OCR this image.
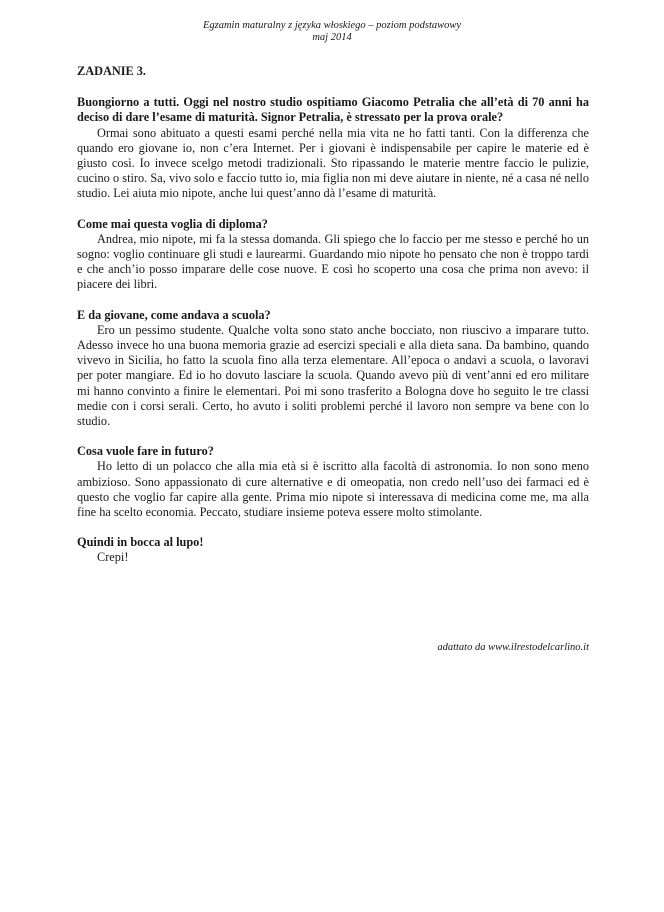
Egzamin maturalny z języka włoskiego – poziom podstawowy
maj 2014
ZADANIE 3.
Buongiorno a tutti. Oggi nel nostro studio ospitiamo Giacomo Petralia che all’età di 70 anni ha deciso di dare l’esame di maturità. Signor Petralia, è stressato per la prova orale?
Ormai sono abituato a questi esami perché nella mia vita ne ho fatti tanti. Con la differenza che quando ero giovane io, non c’era Internet. Per i giovani è indispensabile per capire le materie ed è giusto così. Io invece scelgo metodi tradizionali. Sto ripassando le materie mentre faccio le pulizie, cucino o stiro. Sa, vivo solo e faccio tutto io, mia figlia non mi deve aiutare in niente, né a casa né nello studio. Lei aiuta mio nipote, anche lui quest’anno dà l’esame di maturità.
Come mai questa voglia di diploma?
Andrea, mio nipote, mi fa la stessa domanda. Gli spiego che lo faccio per me stesso e perché ho un sogno: voglio continuare gli studi e laurearmi. Guardando mio nipote ho pensato che non è troppo tardi e che anch’io posso imparare delle cose nuove. E così ho scoperto una cosa che prima non avevo: il piacere dei libri.
E da giovane, come andava a scuola?
Ero un pessimo studente. Qualche volta sono stato anche bocciato, non riuscivo a imparare tutto. Adesso invece ho una buona memoria grazie ad esercizi speciali e alla dieta sana. Da bambino, quando vivevo in Sicilia, ho fatto la scuola fino alla terza elementare. All’epoca o andavi a scuola, o lavoravi per poter mangiare. Ed io ho dovuto lasciare la scuola. Quando avevo più di vent’anni ed ero militare mi hanno convinto a finire le elementari. Poi mi sono trasferito a Bologna dove ho seguito le tre classi medie con i corsi serali. Certo, ho avuto i soliti problemi perché il lavoro non sempre va bene con lo studio.
Cosa vuole fare in futuro?
Ho letto di un polacco che alla mia età si è iscritto alla facoltà di astronomia. Io non sono meno ambizioso. Sono appassionato di cure alternative e di omeopatia, non credo nell’uso dei farmaci ed è questo che voglio far capire alla gente. Prima mio nipote si interessava di medicina come me, ma alla fine ha scelto economia. Peccato, studiare insieme poteva essere molto stimolante.
Quindi in bocca al lupo!
Crepi!
adattato da www.ilrestodelcarlino.it
